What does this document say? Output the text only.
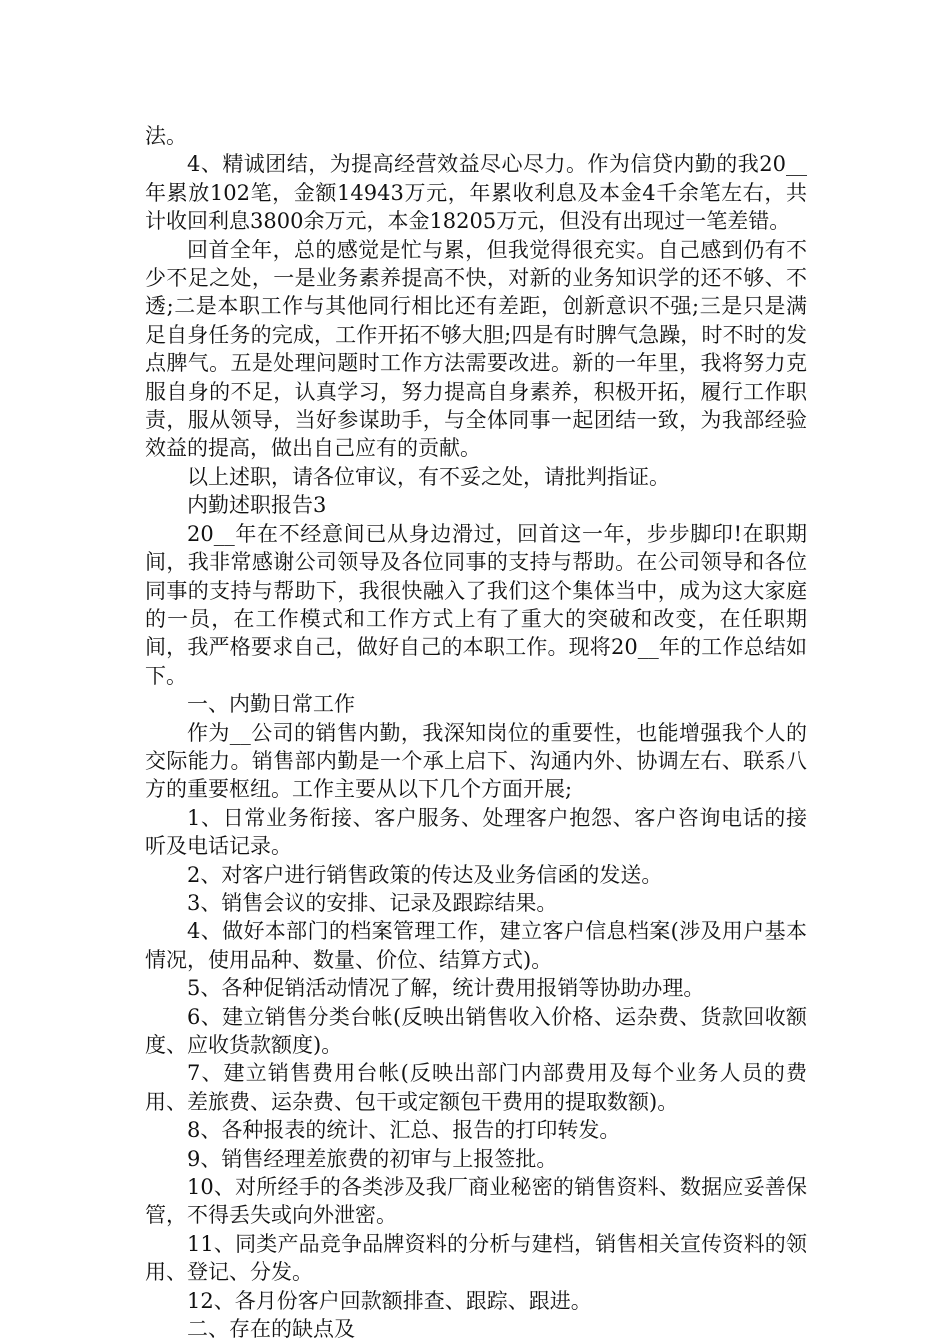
法。

4、精诚团结，为提高经营效益尽心尽力。作为信贷内勤的我20__年累放102笔，金额14943万元，年累收利息及本金4千余笔左右，共计收回利息3800余万元，本金18205万元，但没有出现过一笔差错。

回首全年，总的感觉是忙与累，但我觉得很充实。自己感到仍有不少不足之处，一是业务素养提高不快，对新的业务知识学的还不够、不透;二是本职工作与其他同行相比还有差距，创新意识不强;三是只是满足自身任务的完成，工作开拓不够大胆;四是有时脾气急躁，时不时的发点脾气。五是处理问题时工作方法需要改进。新的一年里，我将努力克服自身的不足，认真学习，努力提高自身素养，积极开拓，履行工作职责，服从领导，当好参谋助手，与全体同事一起团结一致，为我部经验效益的提高，做出自己应有的贡献。

以上述职，请各位审议，有不妥之处，请批判指证。

内勤述职报告3

20__年在不经意间已从身边滑过，回首这一年，步步脚印!在职期间，我非常感谢公司领导及各位同事的支持与帮助。在公司领导和各位同事的支持与帮助下，我很快融入了我们这个集体当中，成为这大家庭的一员，在工作模式和工作方式上有了重大的突破和改变，在任职期间，我严格要求自己，做好自己的本职工作。现将20__年的工作总结如下。

一、内勤日常工作

作为__公司的销售内勤，我深知岗位的重要性，也能增强我个人的交际能力。销售部内勤是一个承上启下、沟通内外、协调左右、联系八方的重要枢纽。工作主要从以下几个方面开展;

1、日常业务衔接、客户服务、处理客户抱怨、客户咨询电话的接听及电话记录。

2、对客户进行销售政策的传达及业务信函的发送。

3、销售会议的安排、记录及跟踪结果。

4、做好本部门的档案管理工作，建立客户信息档案(涉及用户基本情况，使用品种、数量、价位、结算方式)。

5、各种促销活动情况了解，统计费用报销等协助办理。

6、建立销售分类台帐(反映出销售收入价格、运杂费、货款回收额度、应收货款额度)。

7、建立销售费用台帐(反映出部门内部费用及每个业务人员的费用、差旅费、运杂费、包干或定额包干费用的提取数额)。

8、各种报表的统计、汇总、报告的打印转发。

9、销售经理差旅费的初审与上报签批。

10、对所经手的各类涉及我厂商业秘密的销售资料、数据应妥善保管，不得丢失或向外泄密。

11、同类产品竞争品牌资料的分析与建档，销售相关宣传资料的领用、登记、分发。

12、各月份客户回款额排查、跟踪、跟进。

二、存在的缺点及
